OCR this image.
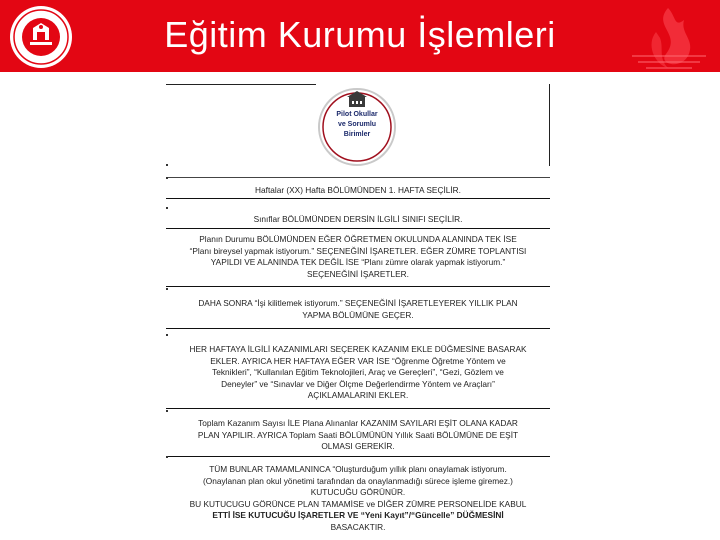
Eğitim Kurumu İşlemleri
Pilot Okullar
ve Sorumlu
Birimler
Haftalar (XX) Hafta BÖLÜMÜNDEN 1. HAFTA SEÇİLİR.
Sınıflar BÖLÜMÜNDEN DERSİN İLGİLİ SINIFI SEÇİLİR.
Planın Durumu BÖLÜMÜNDEN EĞER ÖĞRETMEN OKULUNDA ALANINDA TEK İSE
“Planı bireysel yapmak istiyorum.” SEÇENEĞİNİ İŞARETLER. EĞER ZÜMRE TOPLANTISI
YAPILDI VE ALANINDA TEK DEĞİL İSE “Planı zümre olarak yapmak istiyorum.”
SEÇENEĞİNİ İŞARETLER.
DAHA SONRA “İşi kilitlemek istiyorum.” SEÇENEĞİNİ İŞARETLEYEREK YILLIK PLAN
YAPMA BÖLÜMÜNE GEÇER.
HER HAFTAYA İLGİLİ KAZANIMLARI SEÇEREK KAZANIM EKLE DÜĞMESİNE BASARAK
EKLER. AYRICA HER HAFTAYA EĞER VAR İSE “Öğrenme Öğretme Yöntem ve
Teknikleri”, “Kullanılan Eğitim Teknolojileri, Araç ve Gereçleri”, “Gezi, Gözlem ve
Deneyler” ve “Sınavlar ve Diğer Ölçme Değerlendirme Yöntem ve Araçları”
AÇIKLAMALARINI EKLER.
Toplam Kazanım Sayısı İLE Plana Alınanlar KAZANIM SAYILARI EŞİT OLANA KADAR
PLAN YAPILIR. AYRICA Toplam Saati BÖLÜMÜNÜN Yıllık Saati BÖLÜMÜNE DE EŞİT
OLMASI GEREKİR.
TÜM BUNLAR TAMAMLANINCA “Oluşturduğum yıllık planı onaylamak istiyorum.
(Onaylanan plan okul yönetimi tarafından da onaylanmadığı sürece işleme giremez.)
KUTUCUĞU GÖRÜNÜR.
BU KUTUCUGU GÖRÜNCE PLAN TAMAMİSE ve DİĞER ZÜMRE PERSONELİDE KABUL
ETTİ İSE KUTUCUĞU İŞARETLER VE “Yeni Kayıt”/“Güncelle” DÜĞMESİNİ
BASACAKTIR.
